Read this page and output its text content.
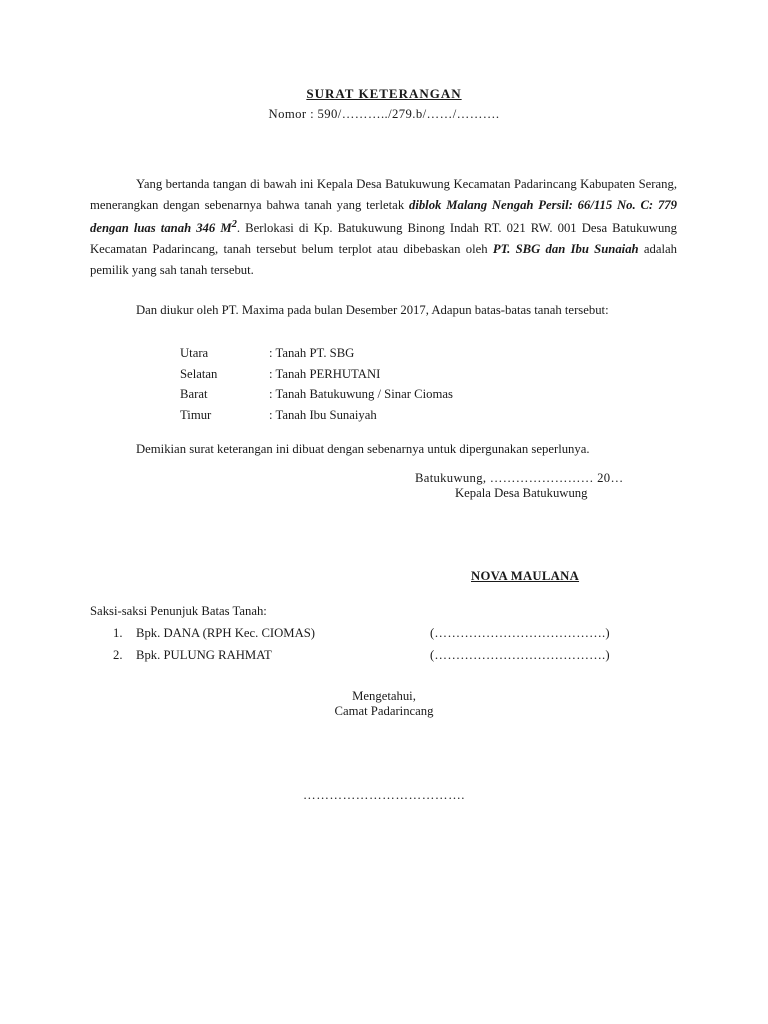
SURAT KETERANGAN
Nomor : 590/………../279.b/……/……….

Yang bertanda tangan di bawah ini Kepala Desa Batukuwung Kecamatan Padarincang Kabupaten Serang, menerangkan dengan sebenarnya bahwa tanah yang terletak diblok Malang Nengah Persil: 66/115 No. C: 779 dengan luas tanah 346 $M^2$. Berlokasi di Kp. Batukuwung Binong Indah RT. 021 RW. 001 Desa Batukuwung Kecamatan Padarincang, tanah tersebut belum terplot atau dibebaskan oleh PT. SBG dan Ibu Sunaiah adalah pemilik yang sah tanah tersebut.

Dan diukur oleh PT. Maxima pada bulan Desember 2017, Adapun batas-batas tanah tersebut:

Utara	: Tanah PT. SBG
Selatan	: Tanah PERHUTANI
Barat	: Tanah Batukuwung / Sinar Ciomas
Timur	: Tanah Ibu Sunaiyah
Demikian surat keterangan ini dibuat dengan sebenarnya untuk dipergunakan seperlunya.
Batukuwung, …………………… 20…
Kepala Desa Batukuwung
NOVA MAULANA
Saksi-saksi Penunjuk Batas Tanah:
1.	Bpk. DANA (RPH Kec. CIOMAS)	(………………………………….)
2.	Bpk. PULUNG RAHMAT	(………………………………….)
Mengetahui,
Camat Padarincang
……………………………….
